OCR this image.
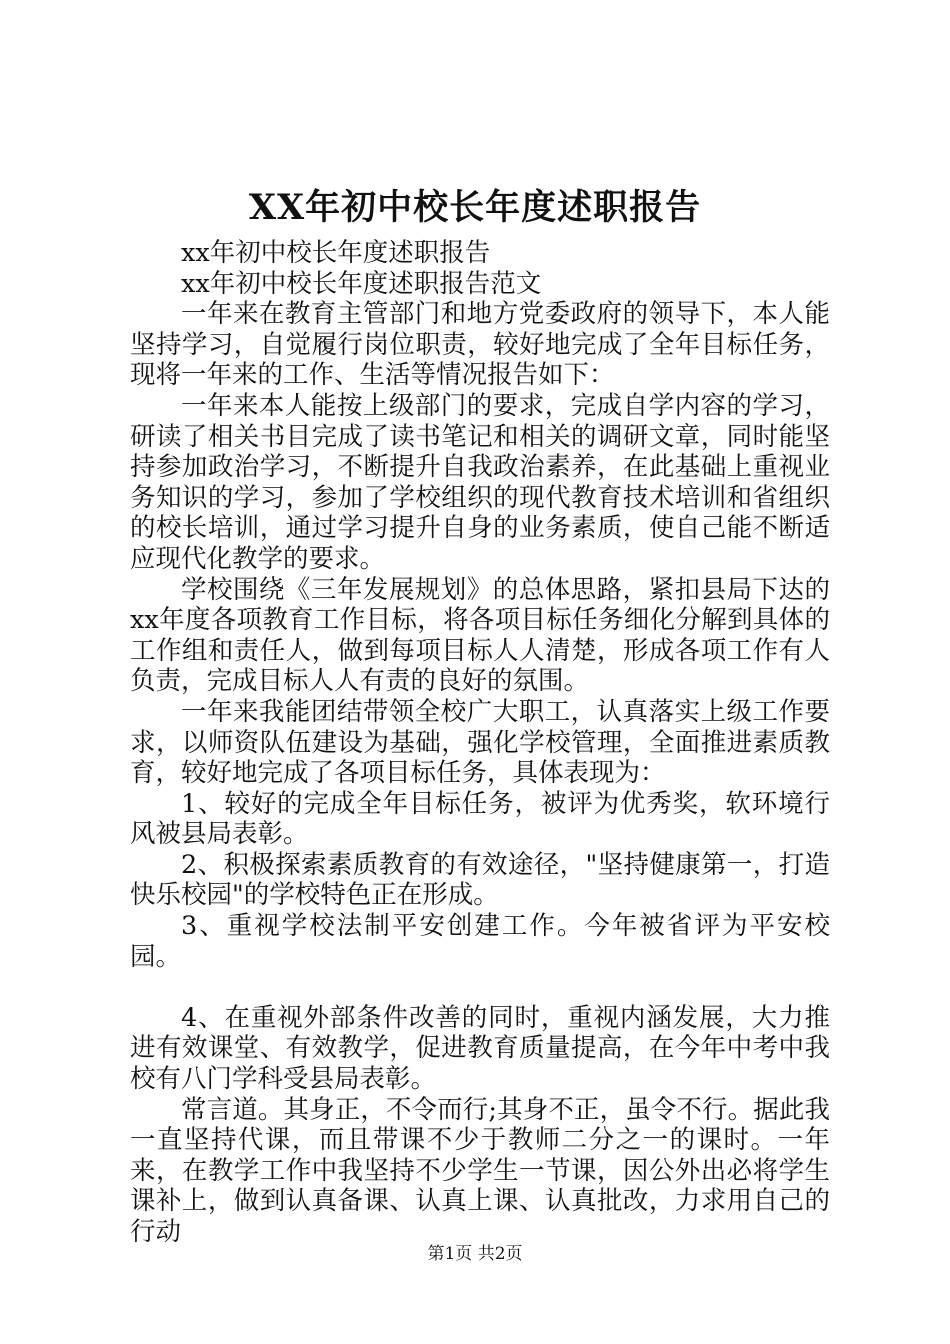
XX年初中校长年度述职报告

xx年初中校长年度述职报告

xx年初中校长年度述职报告范文

一年来在教育主管部门和地方党委政府的领导下，本人能坚持学习，自觉履行岗位职责，较好地完成了全年目标任务，现将一年来的工作、生活等情况报告如下：

一年来本人能按上级部门的要求，完成自学内容的学习，研读了相关书目完成了读书笔记和相关的调研文章，同时能坚持参加政治学习，不断提升自我政治素养，在此基础上重视业务知识的学习，参加了学校组织的现代教育技术培训和省组织的校长培训，通过学习提升自身的业务素质，使自己能不断适应现代化教学的要求。

学校围绕《三年发展规划》的总体思路，紧扣县局下达的xx年度各项教育工作目标，将各项目标任务细化分解到具体的工作组和责任人，做到每项目标人人清楚，形成各项工作有人负责，完成目标人人有责的良好的氛围。

一年来我能团结带领全校广大职工，认真落实上级工作要求，以师资队伍建设为基础，强化学校管理，全面推进素质教育，较好地完成了各项目标任务，具体表现为：

1、较好的完成全年目标任务，被评为优秀奖，软环境行风被县局表彰。

2、积极探索素质教育的有效途径，"坚持健康第一，打造快乐校园"的学校特色正在形成。

3、重视学校法制平安创建工作。今年被省评为平安校园。

4、在重视外部条件改善的同时，重视内涵发展，大力推进有效课堂、有效教学，促进教育质量提高，在今年中考中我校有八门学科受县局表彰。

常言道。其身正，不令而行;其身不正，虽令不行。据此我一直坚持代课，而且带课不少于教师二分之一的课时。一年来，在教学工作中我坚持不少学生一节课，因公外出必将学生课补上，做到认真备课、认真上课、认真批改，力求用自己的行动

第1页 共2页
